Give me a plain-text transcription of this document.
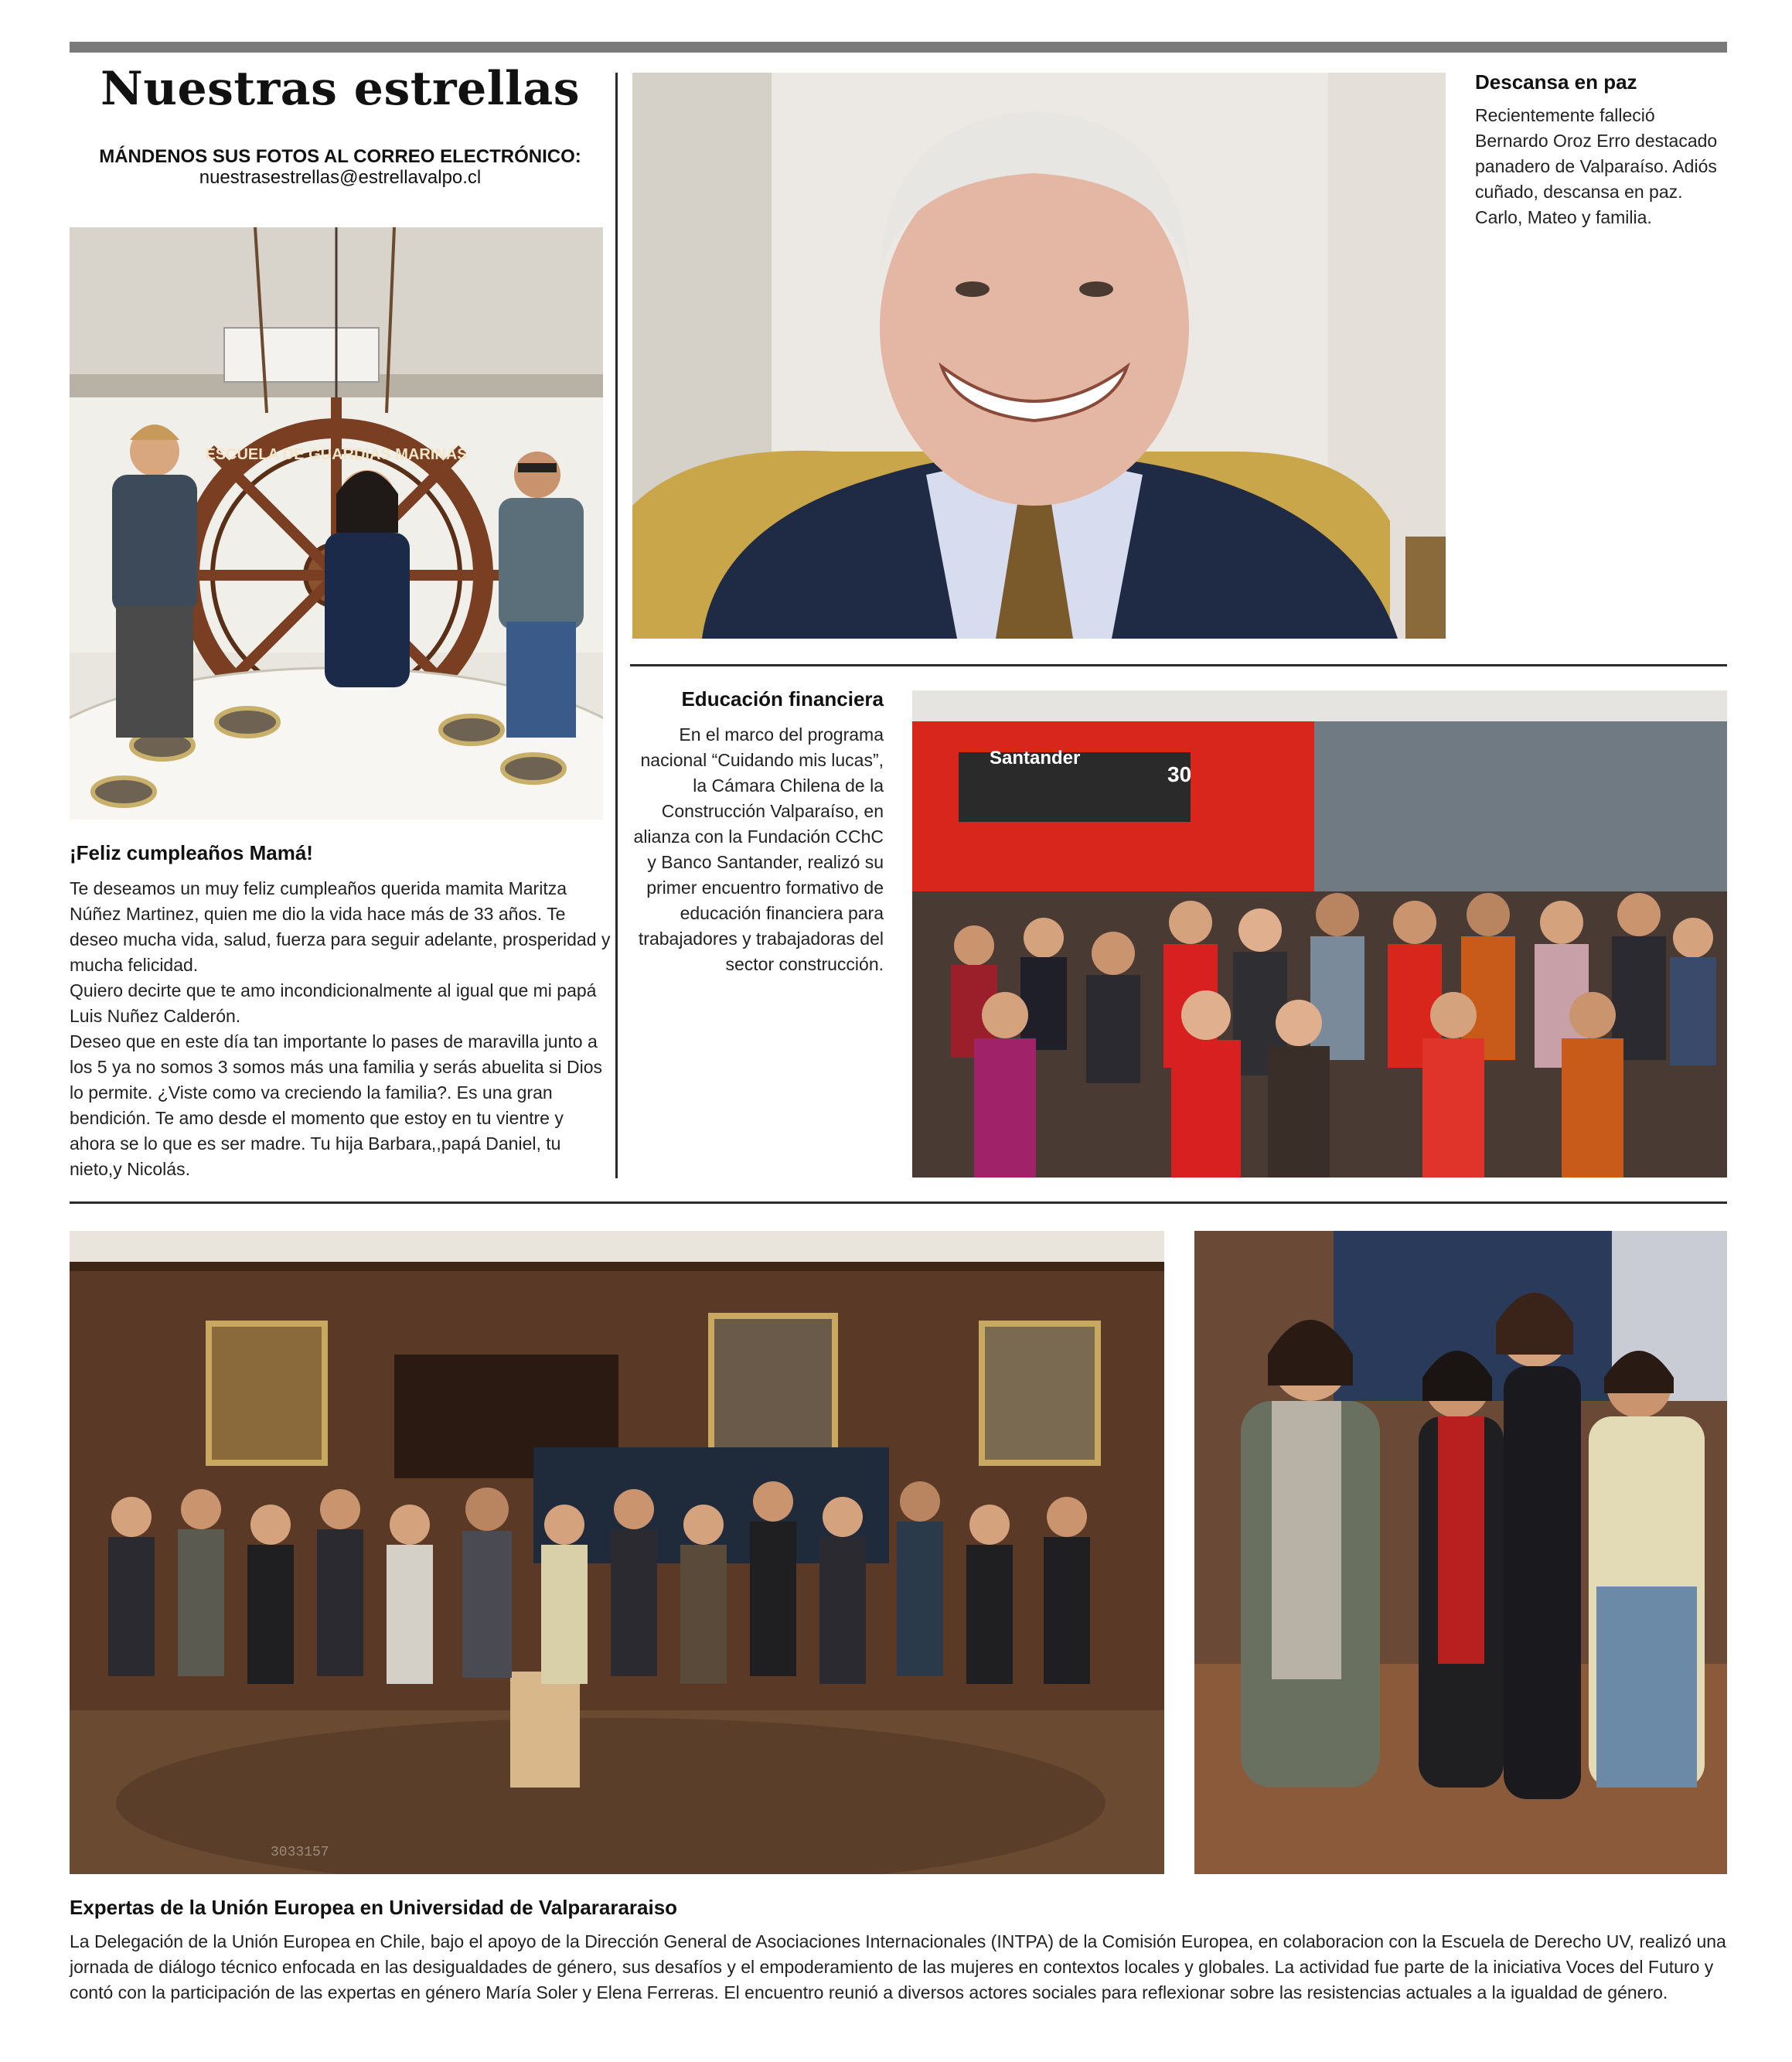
Nuestras estrellas
MÁNDENOS SUS FOTOS AL CORREO ELECTRÓNICO:
nuestrasestrellas@estrellavalpo.cl
ESCUELA DE GUARDIAS MARINAS
¡Feliz cumpleaños Mamá!

Te deseamos un muy feliz cumpleaños querida mamita Maritza Núñez Martinez, quien me dio la vida hace más de 33 años. Te deseo mucha vida, salud, fuerza para seguir adelante, prosperidad y mucha felicidad.

Quiero decirte que te amo incondicionalmente al igual que mi papá Luis Nuñez Calderón.

Deseo que en este día tan importante lo pases de maravilla junto a los 5 ya no somos 3 somos más una familia y serás abuelita si Dios lo permite. ¿Viste como va creciendo la familia?. Es una gran bendición. Te amo desde el momento que estoy en tu vientre y ahora se lo que es ser madre. Tu hija Barbara,,papá Daniel, tu nieto,y Nicolás.

Descansa en paz
Recientemente falleció Bernardo Oroz Erro destacado panadero de Valparaíso. Adiós cuñado, descansa en paz. Carlo, Mateo y familia.
Educación financiera
En el marco del programa nacional “Cuidando mis lucas”, la Cámara Chilena de la Construcción Valparaíso, en alianza con la Fundación CChC y Banco Santander, realizó su primer encuentro formativo de educación financiera para trabajadores y trabajadoras del sector construcción.
Santander
30
3033157
Expertas de la Unión Europea en Universidad de Valparararaiso
La Delegación de la Unión Europea en Chile, bajo el apoyo de la Dirección General de Asociaciones Internacionales (INTPA) de la Comisión Europea, en colaboracion con la Escuela de Derecho UV, realizó una jornada de diálogo técnico enfocada en las desigualdades de género, sus desafíos y el empoderamiento de las mujeres en contextos locales y globales. La actividad fue parte de la iniciativa Voces del Futuro y contó con la participación de las expertas en género María Soler y Elena Ferreras. El encuentro reunió a diversos actores sociales para reflexionar sobre las resistencias actuales a la igualdad de género.
